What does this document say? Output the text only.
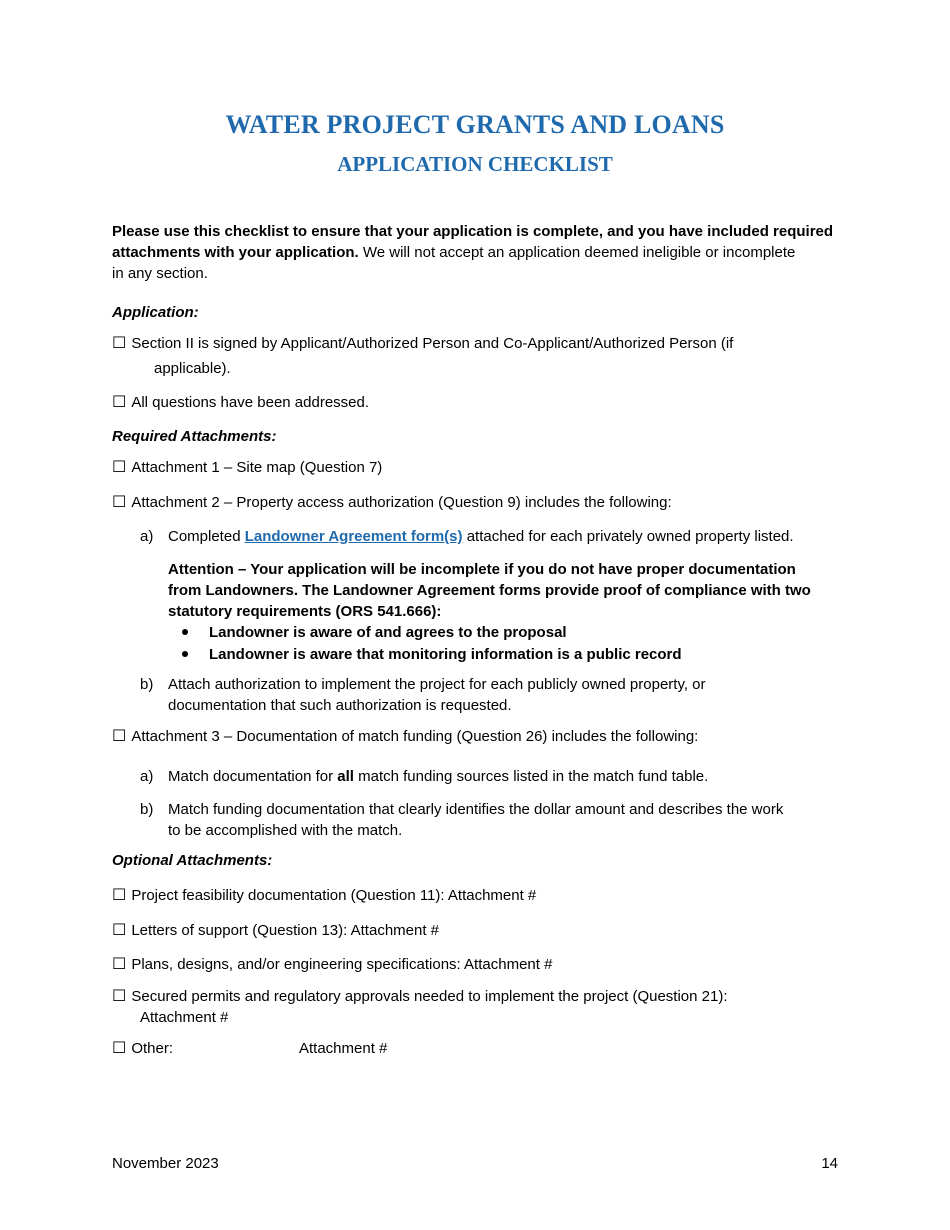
WATER PROJECT GRANTS AND LOANS
APPLICATION CHECKLIST
Please use this checklist to ensure that your application is complete, and you have included required
attachments with your application. We will not accept an application deemed ineligible or incomplete
in any section.
Application:
☐ Section II is signed by Applicant/Authorized Person and Co-Applicant/Authorized Person (if
applicable).
☐ All questions have been addressed.
Required Attachments:
☐ Attachment 1 – Site map (Question 7)
☐ Attachment 2 – Property access authorization (Question 9) includes the following:
a) Completed Landowner Agreement form(s) attached for each privately owned property listed.
Attention – Your application will be incomplete if you do not have proper documentation
from Landowners. The Landowner Agreement forms provide proof of compliance with two
statutory requirements (ORS 541.666):
Landowner is aware of and agrees to the proposal
Landowner is aware that monitoring information is a public record
b) Attach authorization to implement the project for each publicly owned property, or
documentation that such authorization is requested.
☐ Attachment 3 – Documentation of match funding (Question 26) includes the following:
a) Match documentation for all match funding sources listed in the match fund table.
b) Match funding documentation that clearly identifies the dollar amount and describes the work
to be accomplished with the match.
Optional Attachments:
☐ Project feasibility documentation (Question 11): Attachment #
☐ Letters of support (Question 13): Attachment #
☐ Plans, designs, and/or engineering specifications: Attachment #
☐ Secured permits and regulatory approvals needed to implement the project (Question 21):
Attachment #
☐ Other:	Attachment #
November 2023	14
